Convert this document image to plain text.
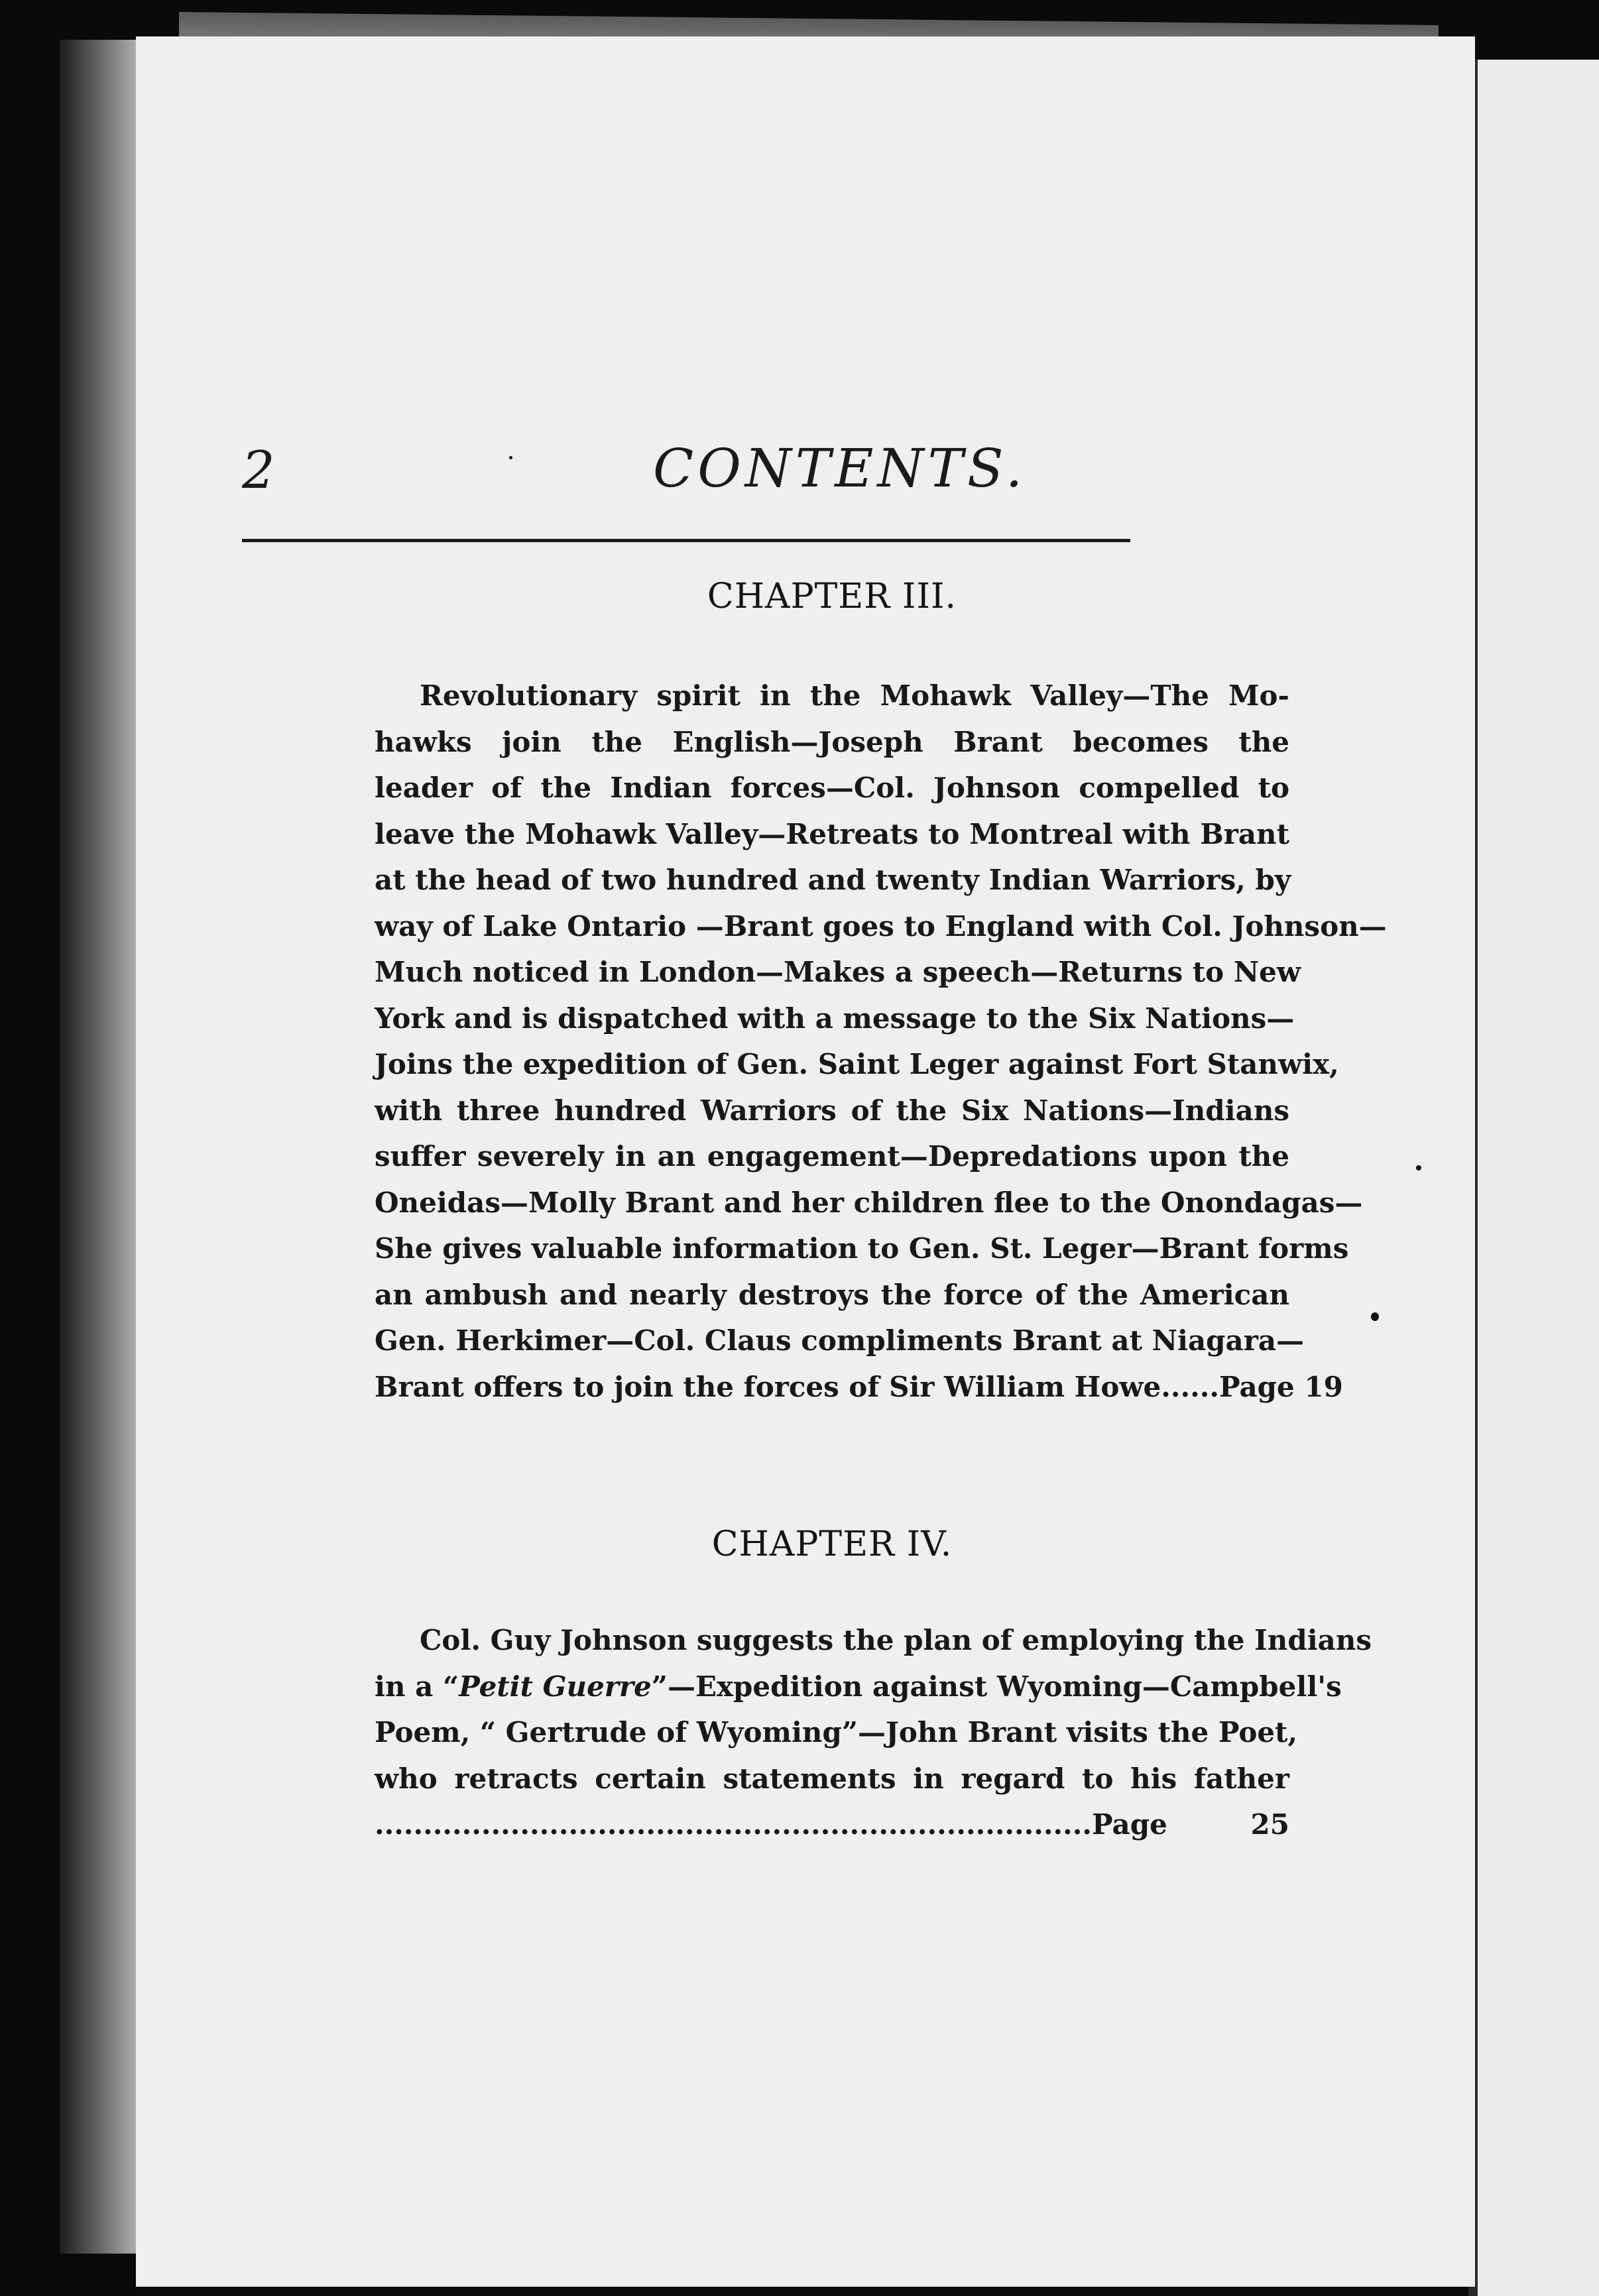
2	CONTENTS.
CHAPTER III.
Revolutionary spirit in the Mohawk Valley—The Mo-
hawks join the English—Joseph Brant becomes the
leader of the Indian forces—Col. Johnson compelled to
leave the Mohawk Valley—Retreats to Montreal with Brant
at the head of two hundred and twenty Indian Warriors, by
way of Lake Ontario —Brant goes to England with Col. Johnson—
Much noticed in London—Makes a speech—Returns to New
York and is dispatched with a message to the Six Nations—
Joins the expedition of Gen. Saint Leger against Fort Stanwix,
with three hundred Warriors of the Six Nations—Indians
suffer severely in an engagement—Depredations upon the
Oneidas—Molly Brant and her children flee to the Onondagas—
She gives valuable information to Gen. St. Leger—Brant forms
an ambush and nearly destroys the force of the American
Gen. Herkimer—Col. Claus compliments Brant at Niagara—
Brant offers to join the forces of Sir William Howe......Page 19
CHAPTER IV.
Col. Guy Johnson suggests the plan of employing the Indians
in a “Petit Guerre”—Expedition against Wyoming—Campbell's
Poem, “ Gertrude of Wyoming”—John Brant visits the Poet,
who retracts certain statements in regard to his father
..........................................................................Page 25
